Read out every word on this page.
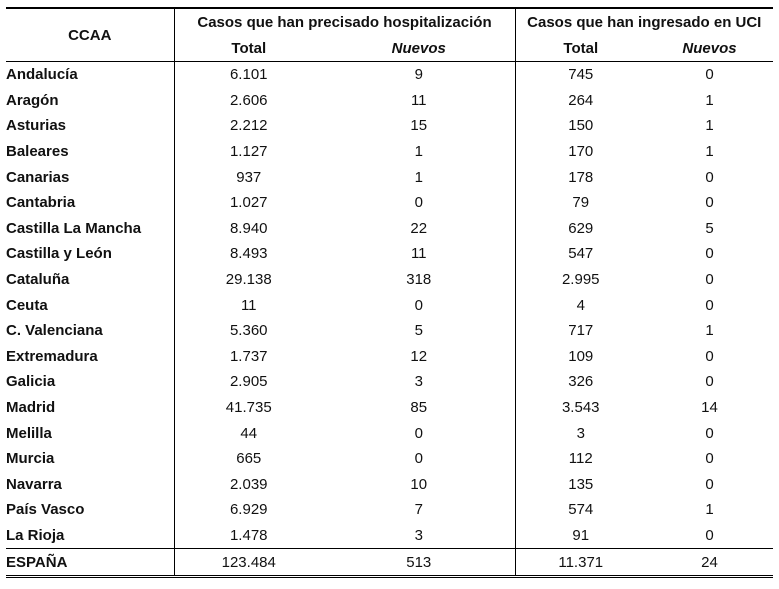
CCAA	Casos que han precisado hospitalización		Casos que han ingresado en UCI	
	Total	Nuevos	Total	Nuevos
Andalucía	6.101	9	745	0
Aragón	2.606	11	264	1
Asturias	2.212	15	150	1
Baleares	1.127	1	170	1
Canarias	937	1	178	0
Cantabria	1.027	0	79	0
Castilla La Mancha	8.940	22	629	5
Castilla y León	8.493	11	547	0
Cataluña	29.138	318	2.995	0
Ceuta	11	0	4	0
C. Valenciana	5.360	5	717	1
Extremadura	1.737	12	109	0
Galicia	2.905	3	326	0
Madrid	41.735	85	3.543	14
Melilla	44	0	3	0
Murcia	665	0	112	0
Navarra	2.039	10	135	0
País Vasco	6.929	7	574	1
La Rioja	1.478	3	91	0
ESPAÑA	123.484	513	11.371	24
